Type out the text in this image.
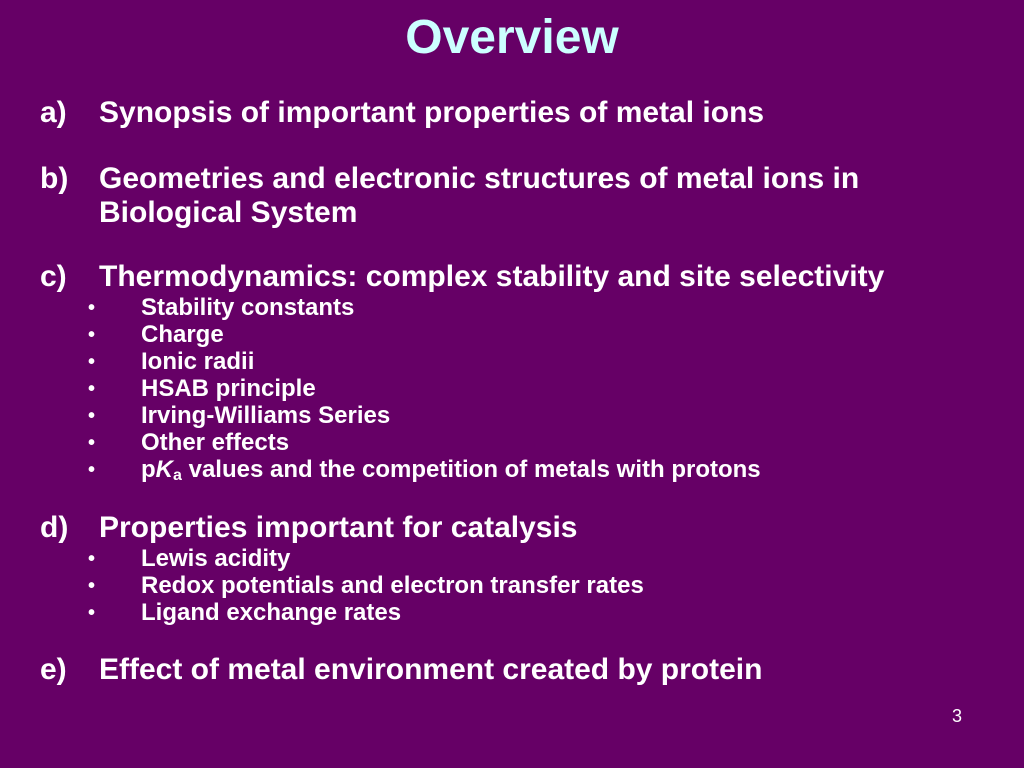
Overview
a) Synopsis of important properties of metal ions
b) Geometries and electronic structures of metal ions in Biological System
c) Thermodynamics: complex stability and site selectivity
• Stability constants
• Charge
• Ionic radii
• HSAB principle
• Irving-Williams Series
• Other effects
• $pK_a$ values and the competition of metals with protons
d) Properties important for catalysis
• Lewis acidity
• Redox potentials and electron transfer rates
• Ligand exchange rates
e) Effect of metal environment created by protein
3
